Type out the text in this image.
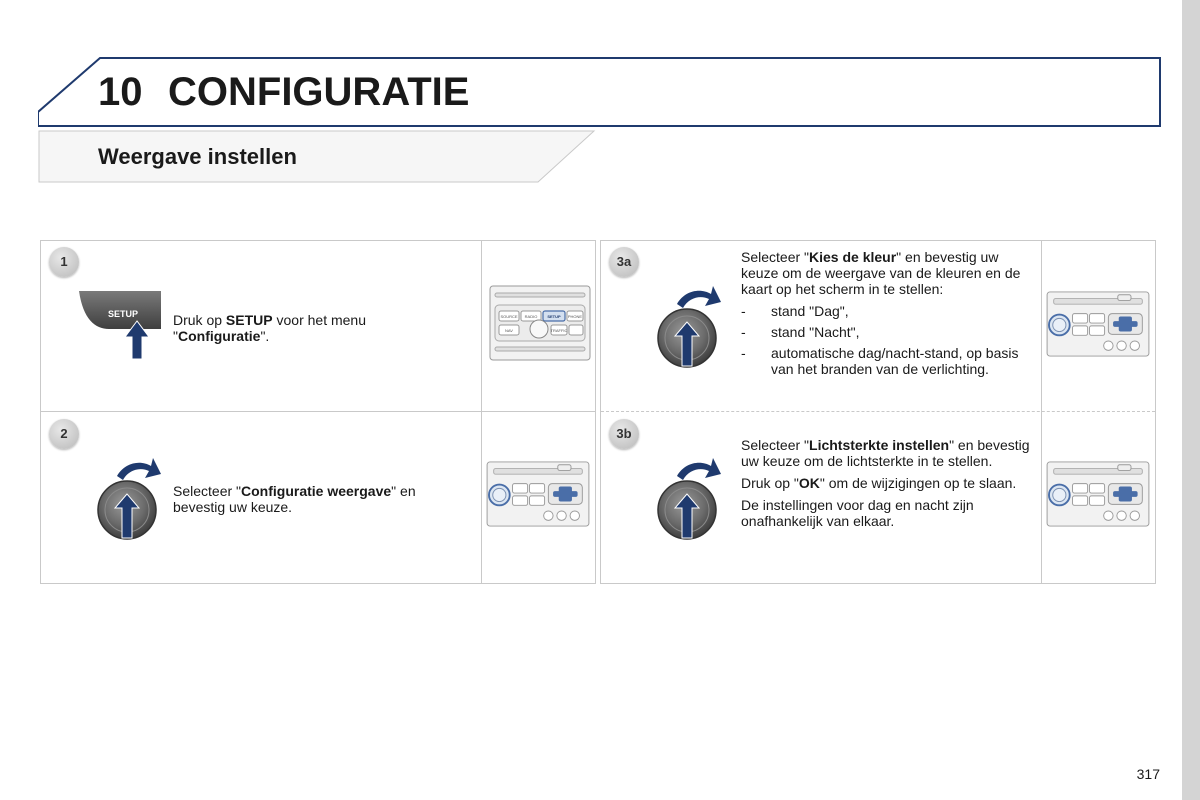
10 CONFIGURATIE
Weergave instellen
1
SETUP Druk op SETUP voor het menu "Configuratie".

SOURCE RADIO SETUP PHONE
NAV	TRAFFIC
2

Selecteer "Configuratie weergave" en bevestig uw keuze.

3a	Selecteer "Kies de kleur" en bevestig uw keuze om de weergave van de kleuren en de kaart op het scherm in te stellen:

- stand "Dag",
- stand "Nacht",
- automatische dag/nacht-stand, op basis van het branden van de verlichting.
3b

Selecteer "Lichtsterkte instellen" en bevestig uw keuze om de lichtsterkte in te stellen.

Druk op "OK" om de wijzigingen op te slaan.

De instellingen voor dag en nacht zijn onafhankelijk van elkaar.

317
